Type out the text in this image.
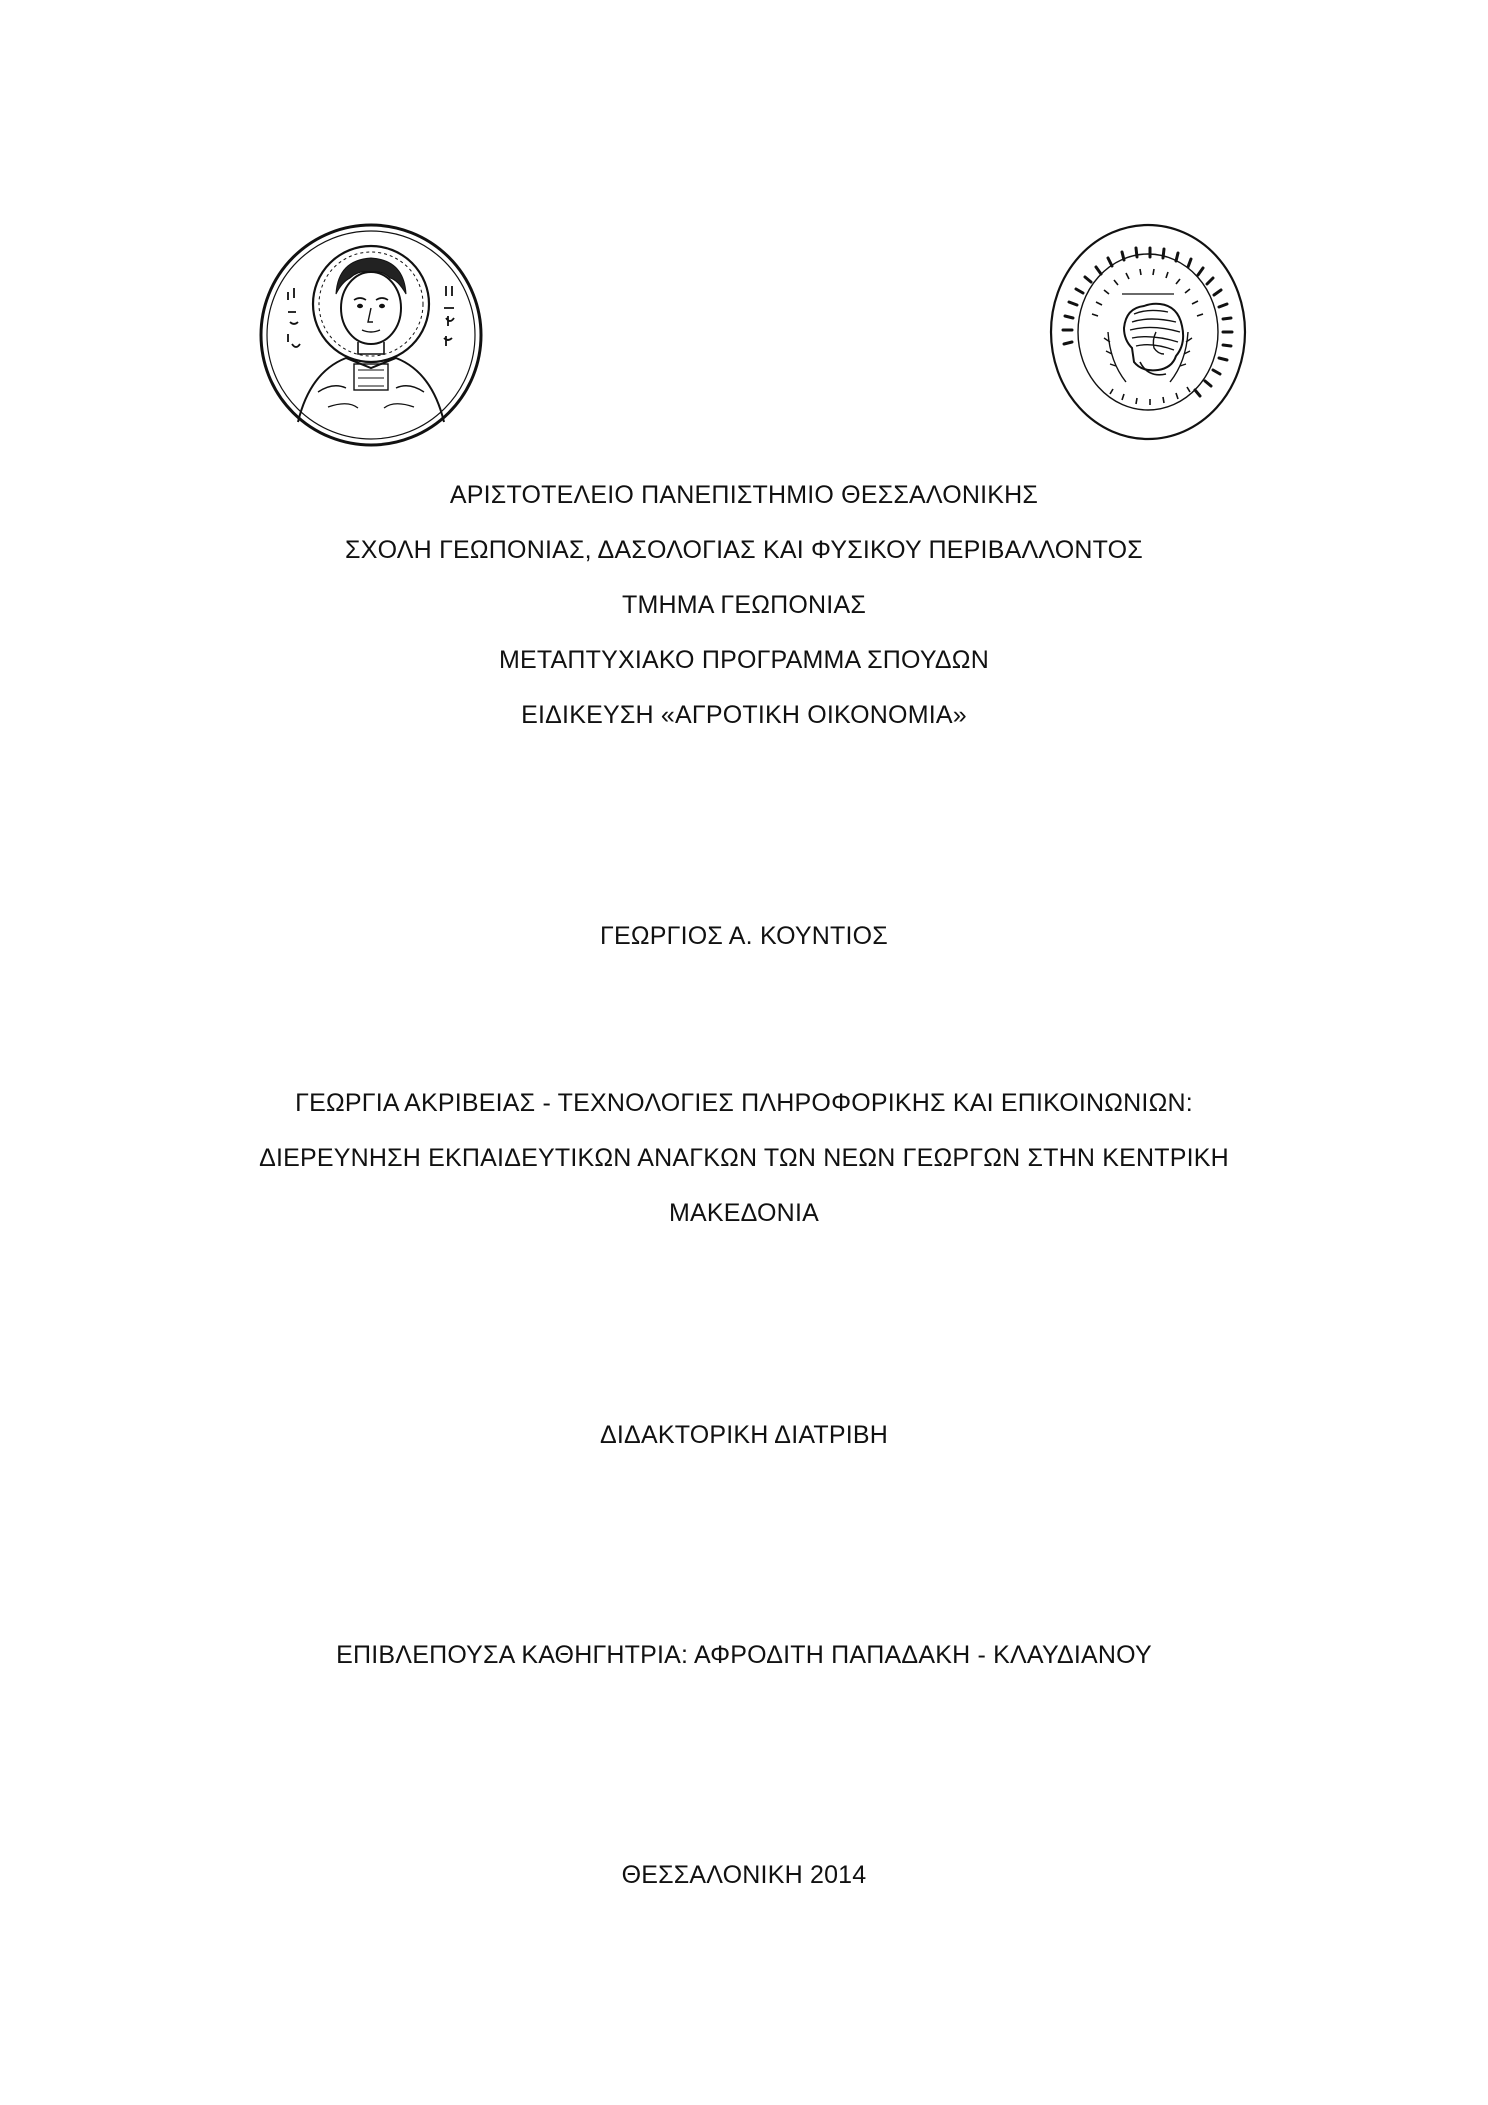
ΑΡΙΣΤΟΤΕΛΕΙΟ ΠΑΝΕΠΙΣΤΗΜΙΟ ΘΕΣΣΑΛΟΝΙΚΗΣ
ΣΧΟΛΗ ΓΕΩΠΟΝΙΑΣ, ΔΑΣΟΛΟΓΙΑΣ ΚΑΙ ΦΥΣΙΚΟΥ ΠΕΡΙΒΑΛΛΟΝΤΟΣ
ΤΜΗΜΑ ΓΕΩΠΟΝΙΑΣ
ΜΕΤΑΠΤΥΧΙΑΚΟ ΠΡΟΓΡΑΜΜΑ ΣΠΟΥΔΩΝ
ΕΙΔΙΚΕΥΣΗ «ΑΓΡΟΤΙΚΗ ΟΙΚΟΝΟΜΙΑ»
ΓΕΩΡΓΙΟΣ Α. ΚΟΥΝΤΙΟΣ
ΓΕΩΡΓΙΑ ΑΚΡΙΒΕΙΑΣ - ΤΕΧΝΟΛΟΓΙΕΣ ΠΛΗΡΟΦΟΡΙΚΗΣ ΚΑΙ ΕΠΙΚΟΙΝΩΝΙΩΝ:
ΔΙΕΡΕΥΝΗΣΗ ΕΚΠΑΙΔΕΥΤΙΚΩΝ ΑΝΑΓΚΩΝ ΤΩΝ ΝΕΩΝ ΓΕΩΡΓΩΝ ΣΤΗΝ ΚΕΝΤΡΙΚΗ
ΜΑΚΕΔΟΝΙΑ
ΔΙΔΑΚΤΟΡΙΚΗ ΔΙΑΤΡΙΒΗ
ΕΠΙΒΛΕΠΟΥΣΑ ΚΑΘΗΓΗΤΡΙΑ: ΑΦΡΟΔΙΤΗ ΠΑΠΑΔΑΚΗ - ΚΛΑΥΔΙΑΝΟΥ
ΘΕΣΣΑΛΟΝΙΚΗ 2014
